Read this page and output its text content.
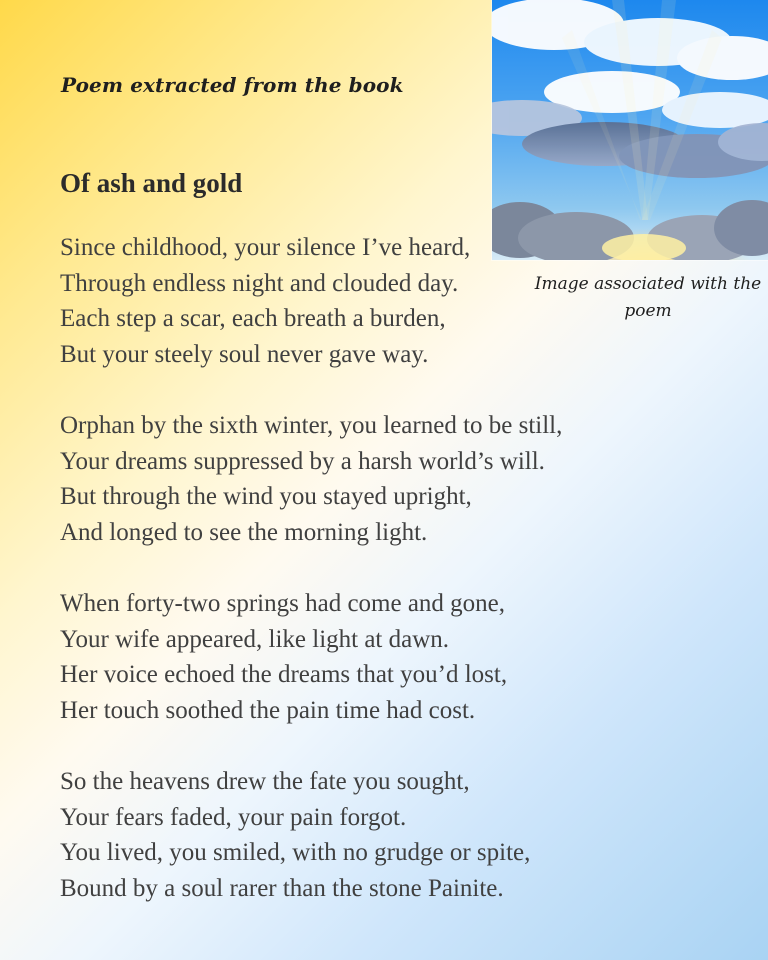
Poem extracted from the book
Of ash and gold
Since childhood, your silence I’ve heard,
Through endless night and clouded day.
Each step a scar, each breath a burden,
But your steely soul never gave way.
Orphan by the sixth winter, you learned to be still,
Your dreams suppressed by a harsh world’s will.
But through the wind you stayed upright,
And longed to see the morning light.
When forty-two springs had come and gone,
Your wife appeared, like light at dawn.
Her voice echoed the dreams that you’d lost,
Her touch soothed the pain time had cost.
So the heavens drew the fate you sought,
Your fears faded, your pain forgot.
You lived, you smiled, with no grudge or spite,
Bound by a soul rarer than the stone Painite.
Image associated with the poem
